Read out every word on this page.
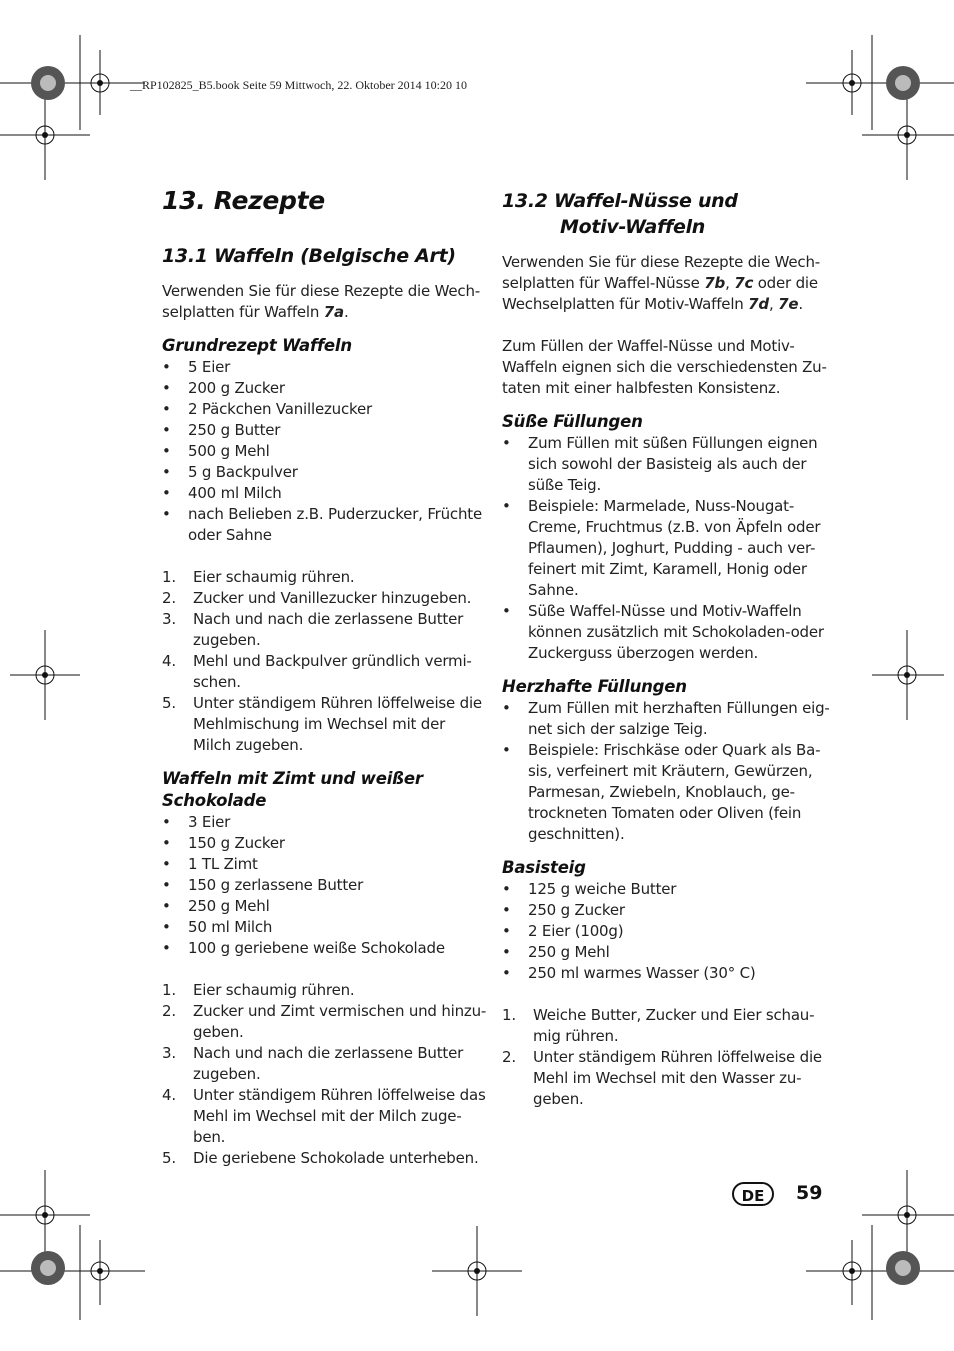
__RP102825_B5.book Seite 59 Mittwoch, 22. Oktober 2014 10:20 10
13. Rezepte
13.1 Waffeln (Belgische Art)

Verwenden Sie für diese Rezepte die Wech-
selplatten für Waffeln 7a.

Grundrezept Waffeln
• 5 Eier
• 200 g Zucker
• 2 Päckchen Vanillezucker
• 250 g Butter
• 500 g Mehl
• 5 g Backpulver
• 400 ml Milch
• nach Belieben z.B. Puderzucker, Früchte oder Sahne
1. Eier schaumig rühren.
2. Zucker und Vanillezucker hinzugeben.
3. Nach und nach die zerlassene Butter zugeben.
4. Mehl und Backpulver gründlich vermi-schen.
5. Unter ständigem Rühren löffelweise die Mehlmischung im Wechsel mit der Milch zugeben.
Waffeln mit Zimt und weißer
Schokolade
• 3 Eier
• 150 g Zucker
• 1 TL Zimt
• 150 g zerlassene Butter
• 250 g Mehl
• 50 ml Milch
• 100 g geriebene weiße Schokolade
1. Eier schaumig rühren.
2. Zucker und Zimt vermischen und hinzu-geben.
3. Nach und nach die zerlassene Butter zugeben.
4. Unter ständigem Rühren löffelweise das Mehl im Wechsel mit der Milch zuge-ben.
5. Die geriebene Schokolade unterheben.
13.2 Waffel-Nüsse und
Motiv-Waffeln

Verwenden Sie für diese Rezepte die Wech-
selplatten für Waffel-Nüsse 7b, 7c oder die
Wechselplatten für Motiv-Waffeln 7d, 7e.

Zum Füllen der Waffel-Nüsse und Motiv-Waffeln eignen sich die verschiedensten Zu-taten mit einer halbfesten Konsistenz.

Süße Füllungen
• Zum Füllen mit süßen Füllungen eignen sich sowohl der Basisteig als auch der süße Teig.
• Beispiele: Marmelade, Nuss-Nougat-Creme, Fruchtmus (z.B. von Äpfeln oder Pflaumen), Joghurt, Pudding - auch ver-feinert mit Zimt, Karamell, Honig oder Sahne.
• Süße Waffel-Nüsse und Motiv-Waffeln können zusätzlich mit Schokoladen-oder Zuckerguss überzogen werden.
Herzhafte Füllungen
• Zum Füllen mit herzhaften Füllungen eig-net sich der salzige Teig.
• Beispiele: Frischkäse oder Quark als Ba-sis, verfeinert mit Kräutern, Gewürzen, Parmesan, Zwiebeln, Knoblauch, ge-trockneten Tomaten oder Oliven (fein geschnitten).
Basisteig
• 125 g weiche Butter
• 250 g Zucker
• 2 Eier (100g)
• 250 g Mehl
• 250 ml warmes Wasser (30° C)
1. Weiche Butter, Zucker und Eier schau-mig rühren.
2. Unter ständigem Rühren löffelweise die Mehl im Wechsel mit den Wasser zu-geben.
DE	59
